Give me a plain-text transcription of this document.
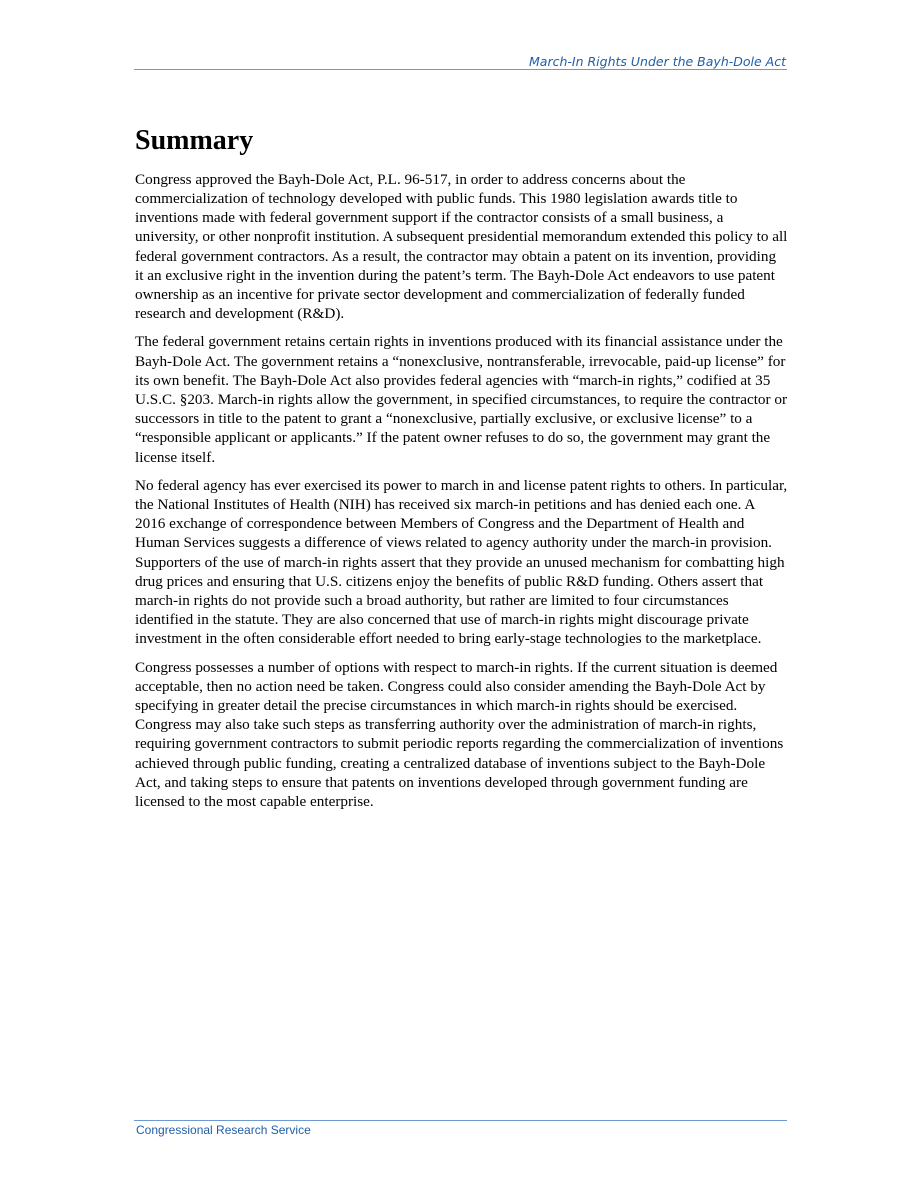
March-In Rights Under the Bayh-Dole Act
Summary

Congress approved the Bayh-Dole Act, P.L. 96-517, in order to address concerns about the commercialization of technology developed with public funds. This 1980 legislation awards title to inventions made with federal government support if the contractor consists of a small business, a university, or other nonprofit institution. A subsequent presidential memorandum extended this policy to all federal government contractors. As a result, the contractor may obtain a patent on its invention, providing it an exclusive right in the invention during the patent’s term. The Bayh-Dole Act endeavors to use patent ownership as an incentive for private sector development and commercialization of federally funded research and development (R&D).

The federal government retains certain rights in inventions produced with its financial assistance under the Bayh-Dole Act. The government retains a “nonexclusive, nontransferable, irrevocable, paid-up license” for its own benefit. The Bayh-Dole Act also provides federal agencies with “march-in rights,” codified at 35 U.S.C. §203. March-in rights allow the government, in specified circumstances, to require the contractor or successors in title to the patent to grant a “nonexclusive, partially exclusive, or exclusive license” to a “responsible applicant or applicants.” If the patent owner refuses to do so, the government may grant the license itself.

No federal agency has ever exercised its power to march in and license patent rights to others. In particular, the National Institutes of Health (NIH) has received six march-in petitions and has denied each one. A 2016 exchange of correspondence between Members of Congress and the Department of Health and Human Services suggests a difference of views related to agency authority under the march-in provision. Supporters of the use of march-in rights assert that they provide an unused mechanism for combatting high drug prices and ensuring that U.S. citizens enjoy the benefits of public R&D funding. Others assert that march-in rights do not provide such a broad authority, but rather are limited to four circumstances identified in the statute. They are also concerned that use of march-in rights might discourage private investment in the often considerable effort needed to bring early-stage technologies to the marketplace.

Congress possesses a number of options with respect to march-in rights. If the current situation is deemed acceptable, then no action need be taken. Congress could also consider amending the Bayh-Dole Act by specifying in greater detail the precise circumstances in which march-in rights should be exercised. Congress may also take such steps as transferring authority over the administration of march-in rights, requiring government contractors to submit periodic reports regarding the commercialization of inventions achieved through public funding, creating a centralized database of inventions subject to the Bayh-Dole Act, and taking steps to ensure that patents on inventions developed through government funding are licensed to the most capable enterprise.

Congressional Research Service
